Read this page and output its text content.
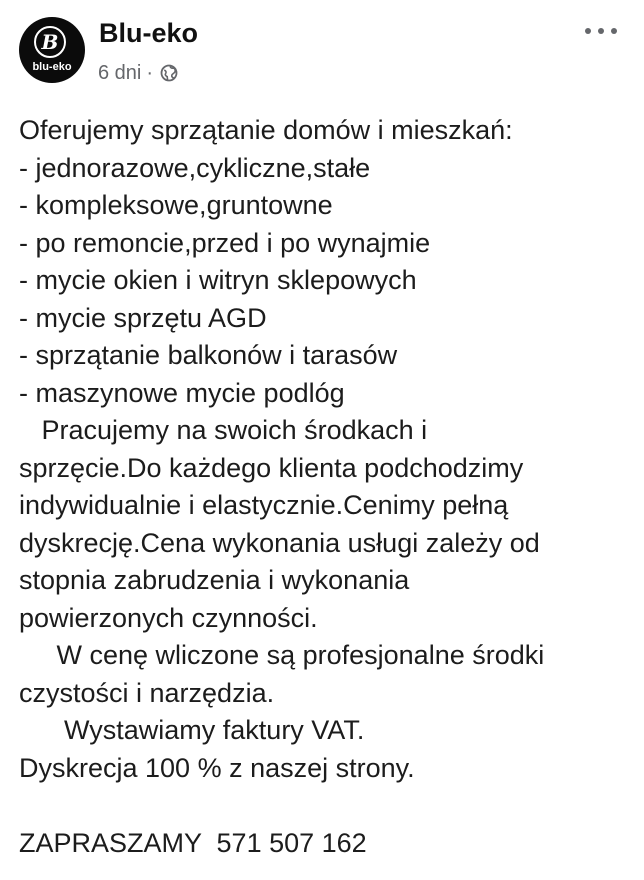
B
blu-eko
Blu-eko
6 dni ·
Oferujemy sprzątanie domów i mieszkań:
- jednorazowe,cykliczne,stałe
- kompleksowe,gruntowne
- po remoncie,przed i po wynajmie
- mycie okien i witryn sklepowych
- mycie sprzętu AGD
- sprzątanie balkonów i tarasów
- maszynowe mycie podlóg
Pracujemy na swoich środkach i
sprzęcie.Do każdego klienta podchodzimy
indywidualnie i elastycznie.Cenimy pełną
dyskrecję.Cena wykonania usługi zależy od
stopnia zabrudzenia i wykonania
powierzonych czynności.
W cenę wliczone są profesjonalne środki
czystości i narzędzia.
Wystawiamy faktury VAT.
Dyskrecja 100 % z naszej strony.
ZAPRASZAMY  571 507 162
